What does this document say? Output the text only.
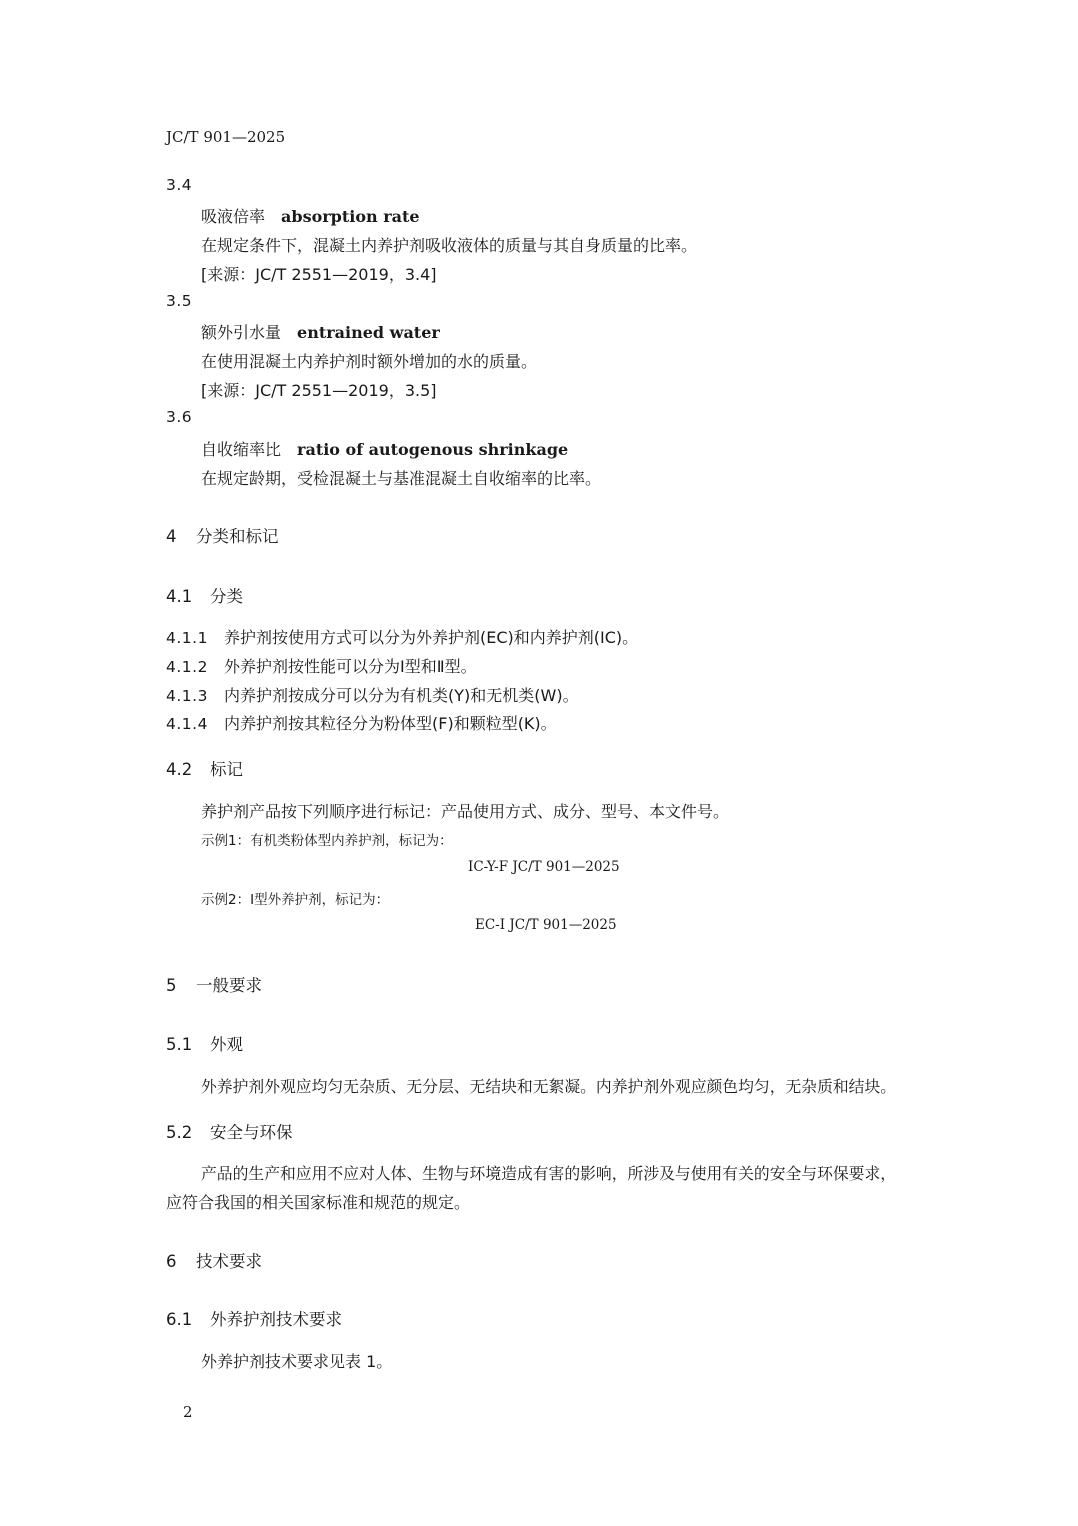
JC/T 901—2025
3.4
吸液倍率 absorption rate
在规定条件下，混凝土内养护剂吸收液体的质量与其自身质量的比率。
[来源：JC/T 2551—2019，3.4]
3.5
额外引水量 entrained water
在使用混凝土内养护剂时额外增加的水的质量。
[来源：JC/T 2551—2019，3.5]
3.6
自收缩率比 ratio of autogenous shrinkage
在规定龄期，受检混凝土与基准混凝土自收缩率的比率。
4 分类和标记
4.1 分类
4.1.1 养护剂按使用方式可以分为外养护剂(EC)和内养护剂(IC)。
4.1.2 外养护剂按性能可以分为Ⅰ型和Ⅱ型。
4.1.3 内养护剂按成分可以分为有机类(Y)和无机类(W)。
4.1.4 内养护剂按其粒径分为粉体型(F)和颗粒型(K)。
4.2 标记
养护剂产品按下列顺序进行标记：产品使用方式、成分、型号、本文件号。
示例1：有机类粉体型内养护剂，标记为：
IC-Y-F JC/T 901—2025
示例2：Ⅰ型外养护剂，标记为：
EC-I JC/T 901—2025
5 一般要求
5.1 外观
外养护剂外观应均匀无杂质、无分层、无结块和无絮凝。内养护剂外观应颜色均匀，无杂质和结块。
5.2 安全与环保
产品的生产和应用不应对人体、生物与环境造成有害的影响，所涉及与使用有关的安全与环保要求，
应符合我国的相关国家标准和规范的规定。
6 技术要求
6.1 外养护剂技术要求
外养护剂技术要求见表 1。
2
